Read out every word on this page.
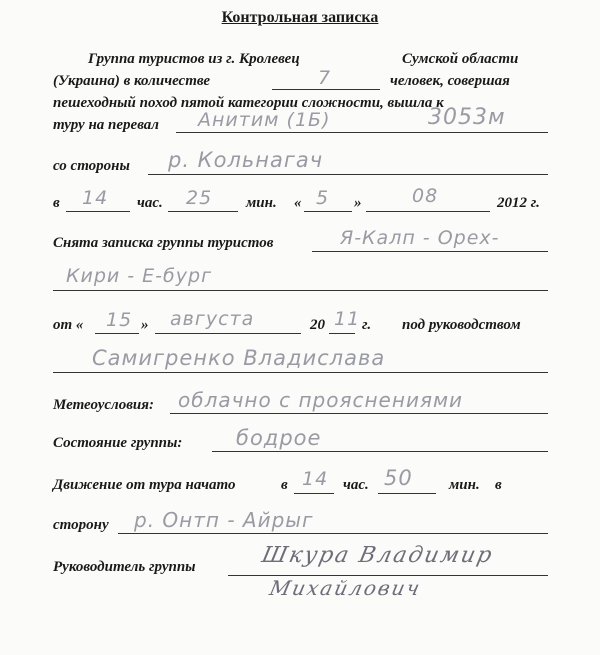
Контрольная записка
Группа туристов из г. Кролевец	Сумской области
(Украина) в количестве	7	человек, совершая
пешеходный поход пятой категории сложности, вышла к
туру на перевал Анитим (1Б)	3053м
со стороны р. Кольнагач
в 14 час. 25 мин. « 5 »	08	2012 г.
Снята записка группы туристов	Я-Калп - Орех-
Кири - Е-бург
от « 15 » августа	20 11 г. под руководством
Самигренко Владислава
Метеоусловия: облачно с прояснениями
Состояние группы:	бодрое
Движение от тура начато	в 14 час. 50 мин. в
сторону р. Онтп - Айрыг
Руководитель группы	Шкура Владимир
Михайлович
